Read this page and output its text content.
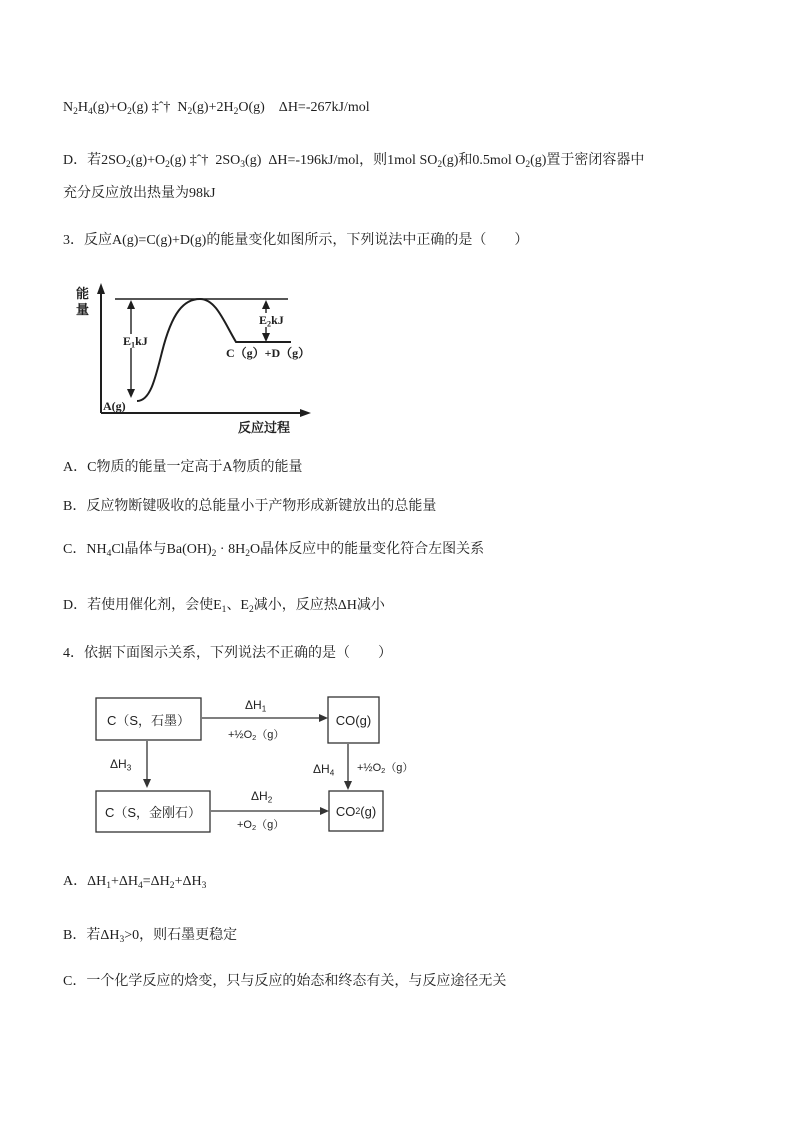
$N_2H_4(g)+O_2(g)$ ‡ˆ†  $N_2(g)+2H_2O(g)$    ΔH=-267kJ/mol
D．若$2SO_2(g)+O_2(g)$ ‡ˆ†  $2SO_3(g)$  ΔH=-196kJ/mol，则1mol $SO_2(g)$和0.5mol $O_2(g)$置于密闭容器中
充分反应放出热量为98kJ
3．反应A(g)=C(g)+D(g)的能量变化如图所示，下列说法中正确的是（　　）
能量
A(g)
C（g）+D（g）
$E_1kJ$
$E_2kJ$
反应过程
A．C物质的能量一定高于A物质的能量
B．反应物断键吸收的总能量小于产物形成新键放出的总能量
C．$NH_4Cl$晶体与$Ba(OH)_2 \cdot 8H_2O$晶体反应中的能量变化符合左图关系
D．若使用催化剂，会使$E_1$、$E_2$减小，反应热ΔH减小
4．依据下面图示关系，下列说法不正确的是（　　）
C（S，石墨）	CO(g)
C（S，金刚石）	CO 2 (g)
$\Delta H_1$
$+\frac{1}{2}O_2(g)$
$\Delta H_3$
$\Delta H_2$
$+O_2(g)$
$\Delta H_4$ $+\frac{1}{2}O_2(g)$
A．$\Delta H_1+\Delta H_4=\Delta H_2+\Delta H_3$
B．若$\Delta H_3>0$，则石墨更稳定
C．一个化学反应的焓变，只与反应的始态和终态有关，与反应途径无关
